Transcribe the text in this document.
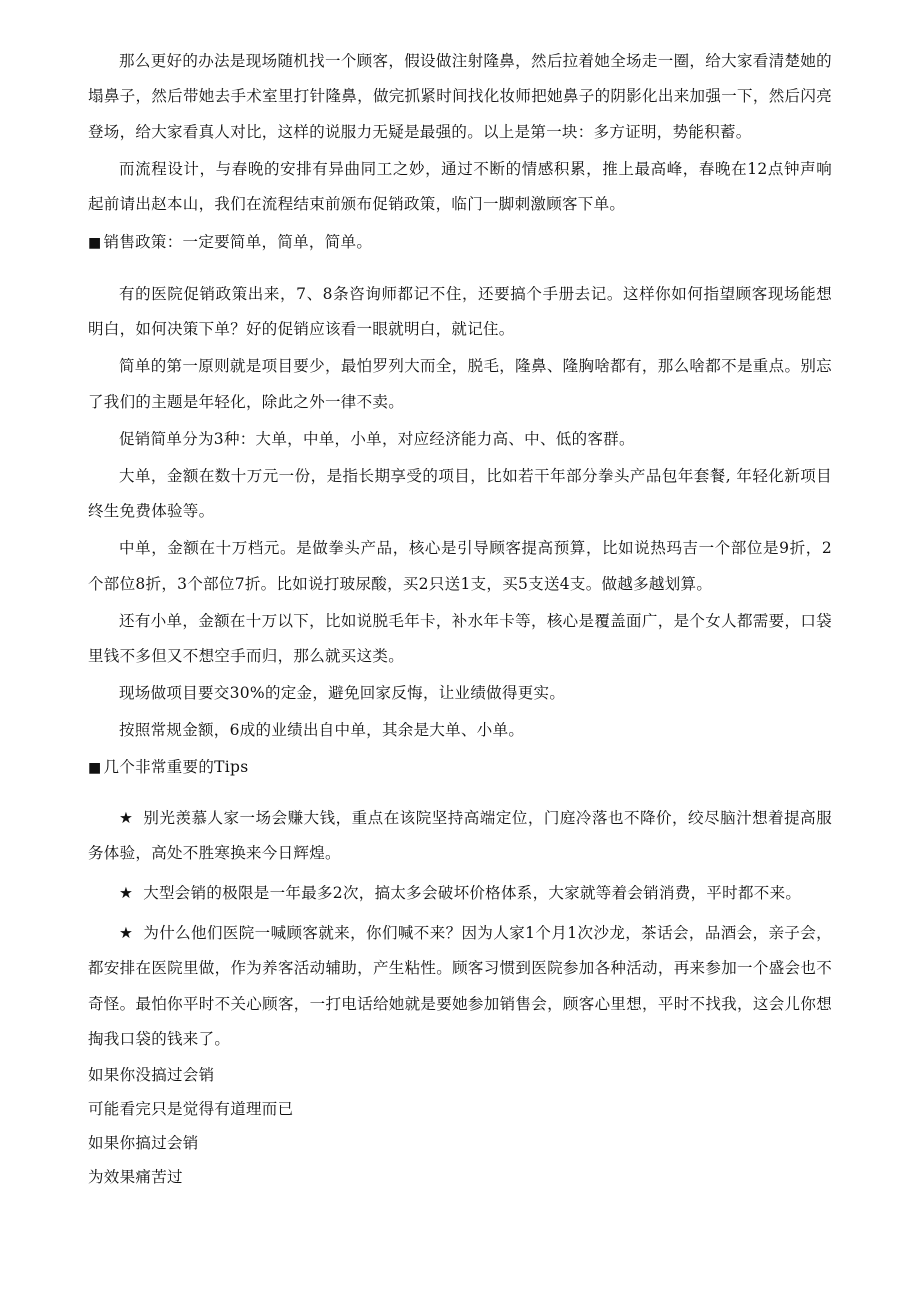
那么更好的办法是现场随机找一个顾客，假设做注射隆鼻，然后拉着她全场走一圈，给大家看清楚她的塌鼻子，然后带她去手术室里打针隆鼻，做完抓紧时间找化妆师把她鼻子的阴影化出来加强一下，然后闪亮登场，给大家看真人对比，这样的说服力无疑是最强的。以上是第一块：多方证明，势能积蓄。

而流程设计，与春晚的安排有异曲同工之妙，通过不断的情感积累，推上最高峰，春晚在12点钟声响起前请出赵本山，我们在流程结束前颁布促销政策，临门一脚刺激顾客下单。

■ 销售政策：一定要简单，简单，简单。

有的医院促销政策出来，7、8条咨询师都记不住，还要搞个手册去记。这样你如何指望顾客现场能想明白，如何决策下单？好的促销应该看一眼就明白，就记住。

简单的第一原则就是项目要少，最怕罗列大而全，脱毛，隆鼻、隆胸啥都有，那么啥都不是重点。别忘了我们的主题是年轻化，除此之外一律不卖。

促销简单分为3种：大单，中单，小单，对应经济能力高、中、低的客群。

大单，金额在数十万元一份，是指长期享受的项目，比如若干年部分拳头产品包年套餐, 年轻化新项目终生免费体验等。

中单，金额在十万档元。是做拳头产品，核心是引导顾客提高预算，比如说热玛吉一个部位是9折，2个部位8折，3个部位7折。比如说打玻尿酸，买2只送1支，买5支送4支。做越多越划算。

还有小单，金额在十万以下，比如说脱毛年卡，补水年卡等，核心是覆盖面广，是个女人都需要，口袋里钱不多但又不想空手而归，那么就买这类。

现场做项目要交30%的定金，避免回家反悔，让业绩做得更实。

按照常规金额，6成的业绩出自中单，其余是大单、小单。

■ 几个非常重要的Tips

★ 别光羡慕人家一场会赚大钱，重点在该院坚持高端定位，门庭冷落也不降价，绞尽脑汁想着提高服务体验，高处不胜寒换来今日辉煌。

★ 大型会销的极限是一年最多2次，搞太多会破坏价格体系，大家就等着会销消费，平时都不来。

★ 为什么他们医院一喊顾客就来，你们喊不来？因为人家1个月1次沙龙，茶话会，品酒会，亲子会，都安排在医院里做，作为养客活动辅助，产生粘性。顾客习惯到医院参加各种活动，再来参加一个盛会也不奇怪。最怕你平时不关心顾客，一打电话给她就是要她参加销售会，顾客心里想，平时不找我，这会儿你想掏我口袋的钱来了。

如果你没搞过会销

可能看完只是觉得有道理而已

如果你搞过会销

为效果痛苦过
